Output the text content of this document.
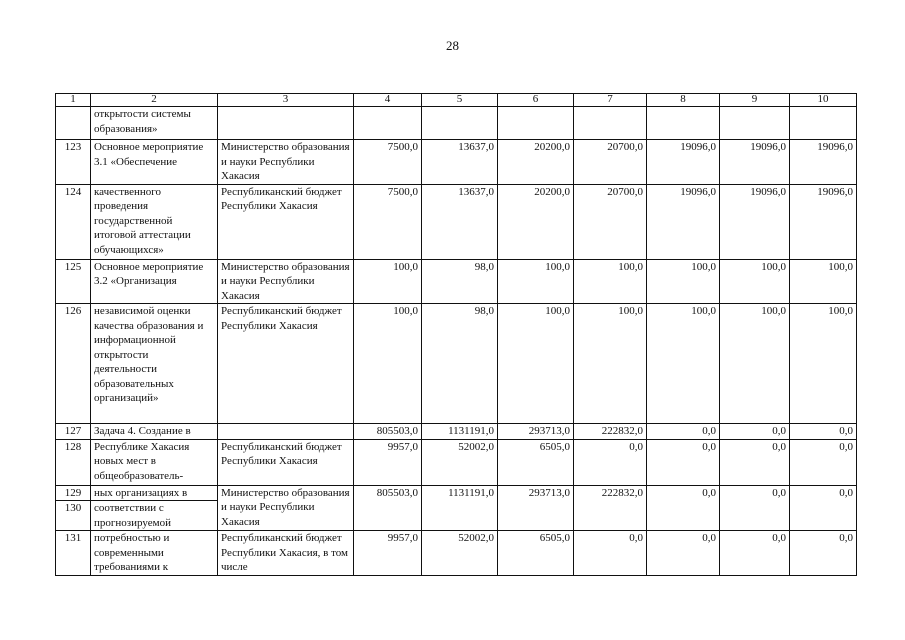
28
1	2	3	4	5	6	7	8	9	10
	открытости системы образования»								
123	Основное мероприятие 3.1 «Обеспечение	Министерство образования и науки Республики Хакасия	7500,0	13637,0	20200,0	20700,0	19096,0	19096,0	19096,0
124	качественного проведения государственной итоговой аттестации обучающихся»	Республиканский бюджет Республики Хакасия	7500,0	13637,0	20200,0	20700,0	19096,0	19096,0	19096,0
125	Основное мероприятие 3.2 «Организация	Министерство образования и науки Республики Хакасия	100,0	98,0	100,0	100,0	100,0	100,0	100,0
126	независимой оценки качества образования и информационной открытости деятельности образовательных организаций»	Республиканский бюджет Республики Хакасия	100,0	98,0	100,0	100,0	100,0	100,0	100,0
127	Задача 4. Создание в		805503,0	1131191,0	293713,0	222832,0	0,0	0,0	0,0
128	Республике Хакасия новых мест в общеобразователь-	Республиканский бюджет Республики Хакасия	9957,0	52002,0	6505,0	0,0	0,0	0,0	0,0
129	ных организациях в	Министерство образования и науки Республики Хакасия	805503,0	1131191,0	293713,0	222832,0	0,0	0,0	0,0
130	соответствии с прогнозируемой								
131	потребностью и современными требованиями к	Республиканский бюджет Республики Хакасия, в том числе	9957,0	52002,0	6505,0	0,0	0,0	0,0	0,0
